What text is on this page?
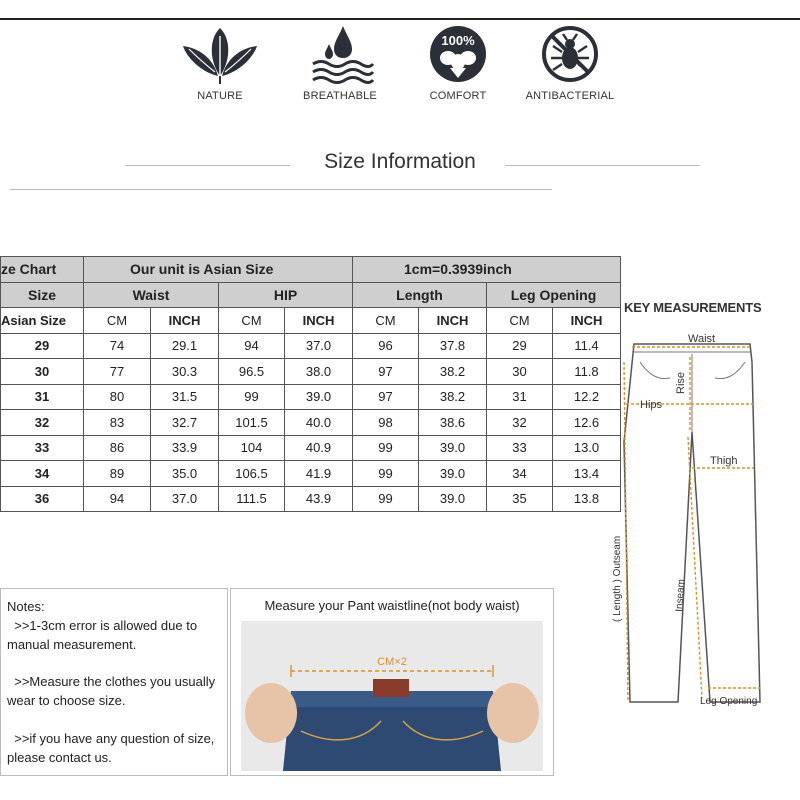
NATURE	BREATHABLE
100%
COMFORT	ANTIBACTERIAL
Size Information
ze Chart	Our unit is Asian Size				1cm=0.3939inch			
Size	Waist		HIP		Length		Leg Opening	
Asian Size	CM	INCH	CM	INCH	CM	INCH	CM	INCH
29	74	29.1	94	37.0	96	37.8	29	11.4
30	77	30.3	96.5	38.0	97	38.2	30	11.8
31	80	31.5	99	39.0	97	38.2	31	12.2
32	83	32.7	101.5	40.0	98	38.6	32	12.6
33	86	33.9	104	40.9	99	39.0	33	13.0
34	89	35.0	106.5	41.9	99	39.0	34	13.4
36	94	37.0	111.5	43.9	99	39.0	35	13.8
KEY MEASUREMENTS
Waist
Hips
Rise
Thigh
Inseam
( Length ) Outseam
Leg Opening

Notes:

>>1-3cm error is allowed due to manual measurement.

>>Measure the clothes you usually wear to choose size.

>>if you have any question of size, please contact us.

Measure your Pant waistline(not body waist)
CM×2
